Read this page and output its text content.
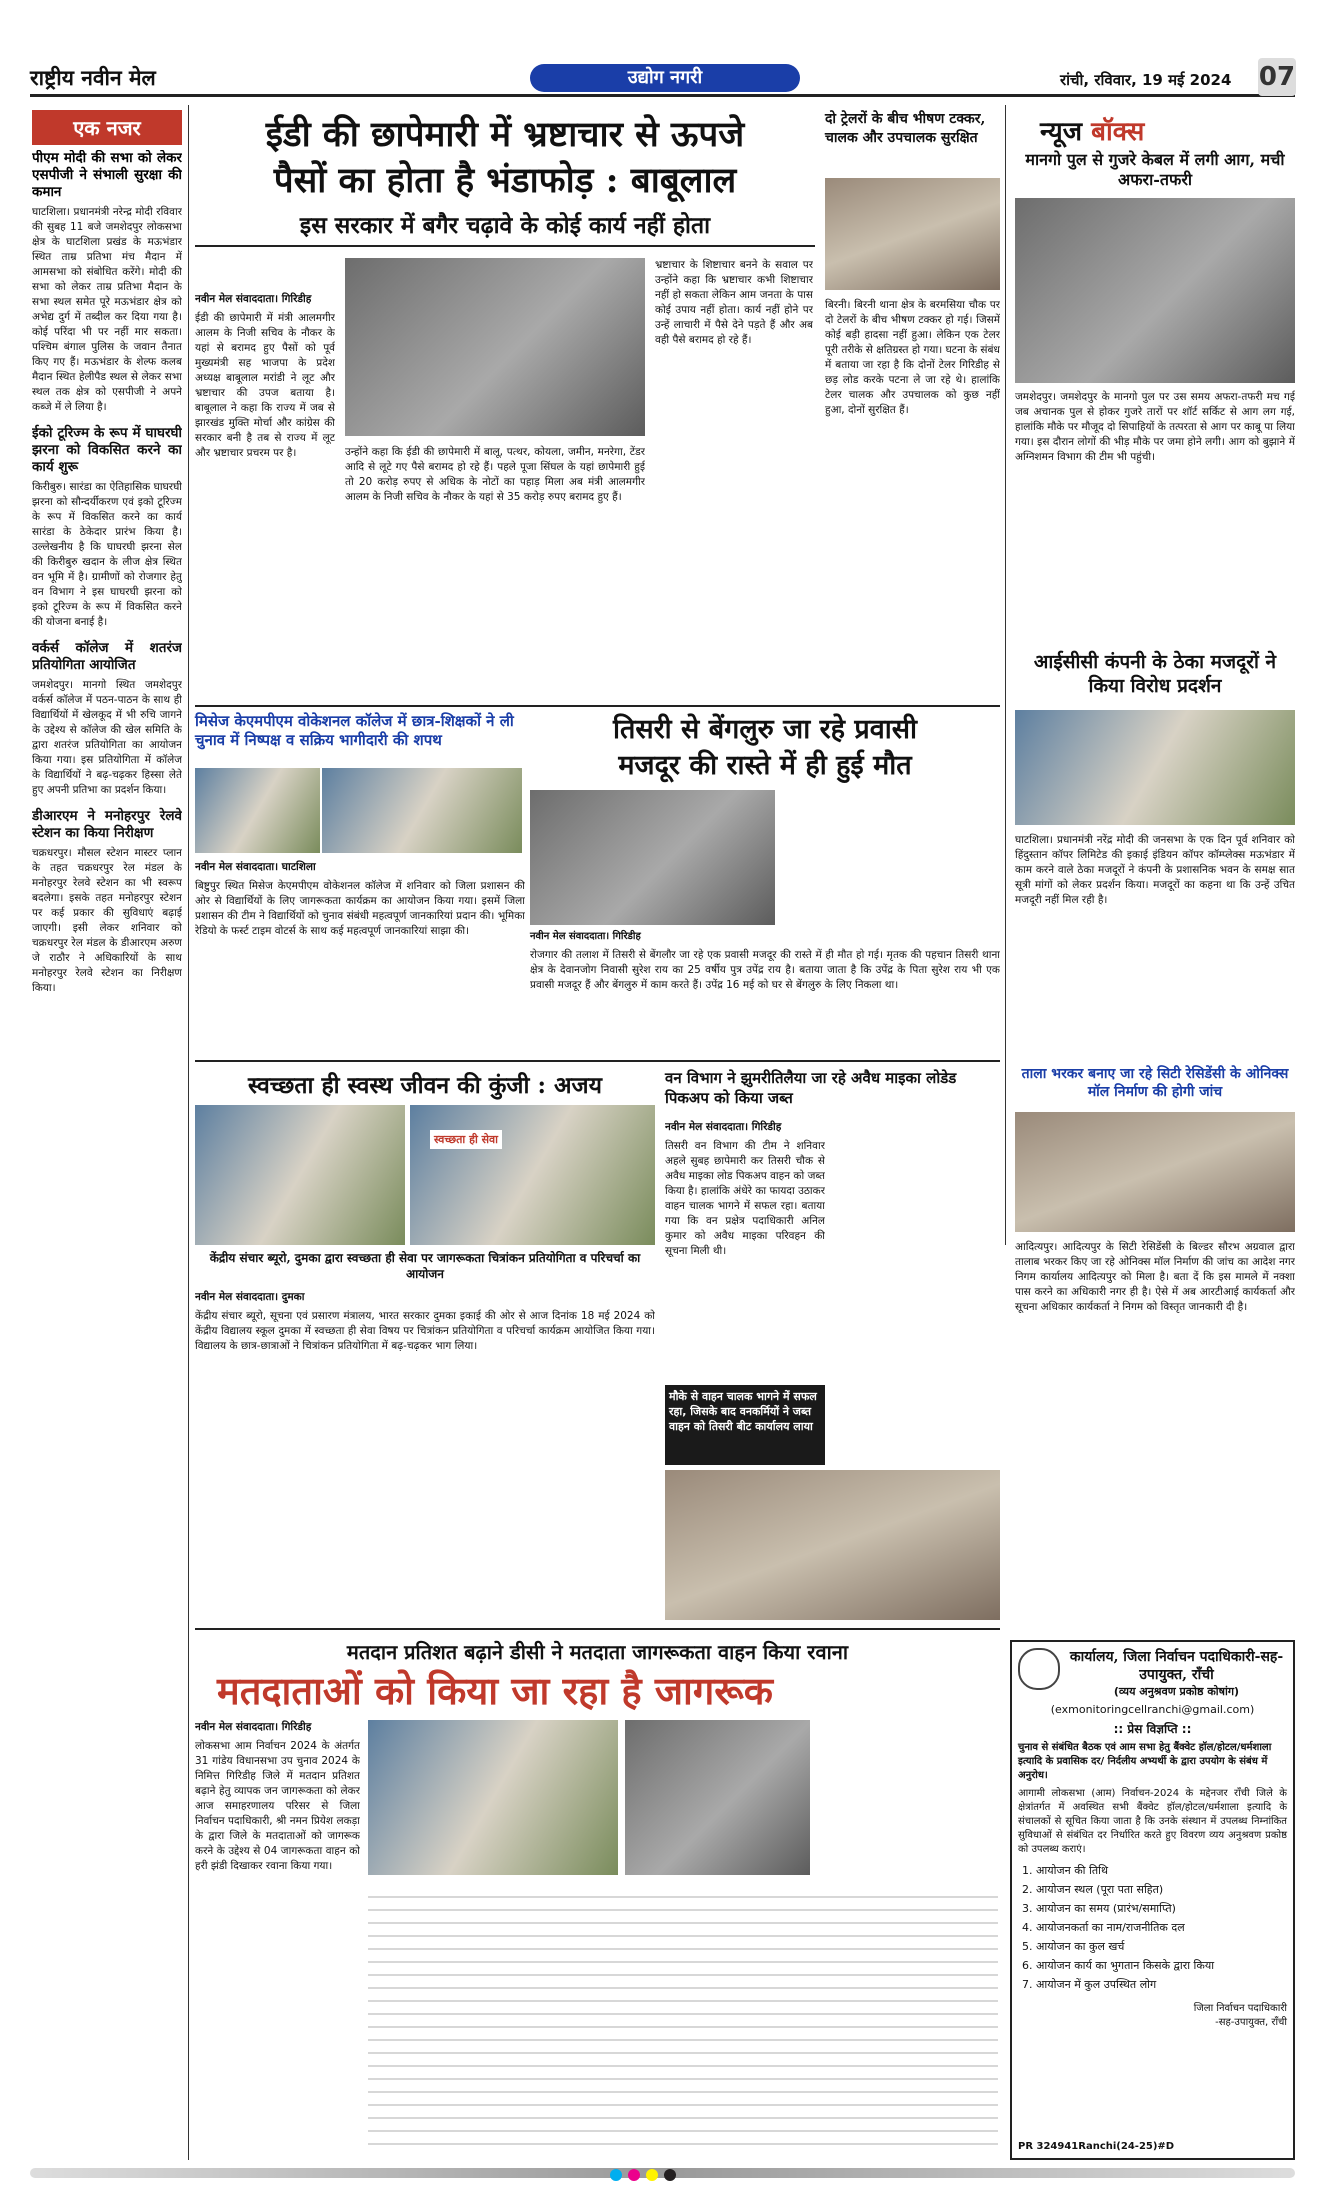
राष्ट्रीय नवीन मेल	उद्योग नगरी	रांची, रविवार, 19 मई 2024 07
एक नजर

पीएम मोदी की सभा को लेकर एसपीजी ने संभाली सुरक्षा की कमान

घाटशिला। प्रधानमंत्री नरेन्द्र मोदी रविवार की सुबह 11 बजे जमशेदपुर लोकसभा क्षेत्र के घाटशिला प्रखंड के मऊभंडार स्थित ताम्र प्रतिभा मंच मैदान में आमसभा को संबोधित करेंगे। मोदी की सभा को लेकर ताम्र प्रतिभा मैदान के सभा स्थल समेत पूरे मऊभंडार क्षेत्र को अभेद्य दुर्ग में तब्दील कर दिया गया है। कोई परिंदा भी पर नहीं मार सकता। पश्चिम बंगाल पुलिस के जवान तैनात किए गए हैं। मऊभंडार के शेल्फ कलब मैदान स्थित हेलीपैड स्थल से लेकर सभा स्थल तक क्षेत्र को एसपीजी ने अपने कब्जे में ले लिया है।

ईको टूरिज्म के रूप में घाघरघी झरना को विकसित करने का कार्य शुरू

किरीबुरु। सारंडा का ऐतिहासिक घाघरघी झरना को सौन्दर्यीकरण एवं इको टूरिज्म के रूप में विकसित करने का कार्य सारंडा के ठेकेदार प्रारंभ किया है। उल्लेखनीय है कि घाघरघी झरना सेल की किरीबुरु खदान के लीज क्षेत्र स्थित वन भूमि में है। ग्रामीणों को रोजगार हेतु वन विभाग ने इस घाघरघी झरना को इको टूरिज्म के रूप में विकसित करने की योजना बनाई है।

वर्कर्स कॉलेज में शतरंज प्रतियोगिता आयोजित

जमशेदपुर। मानगो स्थित जमशेदपुर वर्कर्स कॉलेज में पठन-पाठन के साथ ही विद्यार्थियों में खेलकूद में भी रुचि जागने के उद्देश्य से कॉलेज की खेल समिति के द्वारा शतरंज प्रतियोगिता का आयोजन किया गया। इस प्रतियोगिता में कॉलेज के विद्यार्थियों ने बढ़-चढ़कर हिस्सा लेते हुए अपनी प्रतिभा का प्रदर्शन किया।

डीआरएम ने मनोहरपुर रेलवे स्टेशन का किया निरीक्षण

चक्रधरपुर। मौसल स्टेशन मास्टर प्लान के तहत चक्रधरपुर रेल मंडल के मनोहरपुर रेलवे स्टेशन का भी स्वरूप बदलेगा। इसके तहत मनोहरपुर स्टेशन पर कई प्रकार की सुविधाएं बढ़ाई जाएगी। इसी लेकर शनिवार को चक्रधरपुर रेल मंडल के डीआरएम अरुण जे राठौर ने अधिकारियों के साथ मनोहरपुर रेलवे स्टेशन का निरीक्षण किया।

ईडी की छापेमारी में भ्रष्टाचार से ऊपजे
पैसों का होता है भंडाफोड़ : बाबूलाल
इस सरकार में बगैर चढ़ावे के कोई कार्य नहीं होता

नवीन मेल संवाददाता। गिरिडीह

ईडी की छापेमारी में मंत्री आलमगीर आलम के निजी सचिव के नौकर के यहां से बरामद हुए पैसों को पूर्व मुख्यमंत्री सह भाजपा के प्रदेश अध्यक्ष बाबूलाल मरांडी ने लूट और भ्रष्टाचार की उपज बताया है। बाबूलाल ने कहा कि राज्य में जब से झारखंड मुक्ति मोर्चा और कांग्रेस की सरकार बनी है तब से राज्य में लूट और भ्रष्टाचार प्रचरम पर है।	उन्होंने कहा कि ईडी की छापेमारी में बालू, पत्थर, कोयला, जमीन, मनरेगा, टेंडर आदि से लूटे गए पैसे बरामद हो रहे हैं। पहले पूजा सिंघल के यहां छापेमारी हुई तो 20 करोड़ रुपए से अधिक के नोटों का पहाड़ मिला अब मंत्री आलमगीर आलम के निजी सचिव के नौकर के यहां से 35 करोड़ रुपए बरामद हुए हैं।

भ्रष्टाचार के शिष्टाचार बनने के सवाल पर उन्होंने कहा कि भ्रष्टाचार कभी शिष्टाचार नहीं हो सकता लेकिन आम जनता के पास कोई उपाय नहीं होता। कार्य नहीं होने पर उन्हें लाचारी में पैसे देने पड़ते हैं और अब वही पैसे बरामद हो रहे हैं।

दो ट्रेलरों के बीच भीषण टक्कर, चालक और उपचालक सुरक्षित
बिरनी। बिरनी थाना क्षेत्र के बरमसिया चौक पर दो टेलरों के बीच भीषण टक्कर हो गई। जिसमें कोई बड़ी हादसा नहीं हुआ। लेकिन एक टेलर पूरी तरीके से क्षतिग्रस्त हो गया। घटना के संबंध में बताया जा रहा है कि दोनों टेलर गिरिडीह से छड़ लोड करके पटना ले जा रहे थे। हालांकि टेलर चालक और उपचालक को कुछ नहीं हुआ, दोनों सुरक्षित हैं।
न्यूज बॉक्स
मानगो पुल से गुजरे केबल में लगी आग, मची अफरा-तफरी
जमशेदपुर। जमशेदपुर के मानगो पुल पर उस समय अफरा-तफरी मच गई जब अचानक पुल से होकर गुजरे तारों पर शॉर्ट सर्किट से आग लग गई, हालांकि मौके पर मौजूद दो सिपाहियों के तत्परता से आग पर काबू पा लिया गया। इस दौरान लोगों की भीड़ मौके पर जमा होने लगी। आग को बुझाने में अग्निशमन विभाग की टीम भी पहुंची।
आईसीसी कंपनी के ठेका मजदूरों ने किया विरोध प्रदर्शन
घाटशिला। प्रधानमंत्री नरेंद्र मोदी की जनसभा के एक दिन पूर्व शनिवार को हिंदुस्तान कॉपर लिमिटेड की इकाई इंडियन कॉपर कॉम्प्लेक्स मऊभंडार में काम करने वाले ठेका मजदूरों ने कंपनी के प्रशासनिक भवन के समक्ष सात सूत्री मांगों को लेकर प्रदर्शन किया। मजदूरों का कहना था कि उन्हें उचित मजदूरी नहीं मिल रही है।
ताला भरकर बनाए जा रहे सिटी रेसिडेंसी के ओनिक्स मॉल निर्माण की होगी जांच
आदित्यपुर। आदित्यपुर के सिटी रेसिडेंसी के बिल्डर सौरभ अग्रवाल द्वारा तालाब भरकर किए जा रहे ओनिक्स मॉल निर्माण की जांच का आदेश नगर निगम कार्यालय आदित्यपुर को मिला है। बता दें कि इस मामले में नक्शा पास करने का अधिकारी नगर ही है। ऐसे में अब आरटीआई कार्यकर्ता और सूचना अधिकार कार्यकर्ता ने निगम को विस्तृत जानकारी दी है।
मिसेज केएमपीएम वोकेशनल कॉलेज में छात्र-शिक्षकों ने ली चुनाव में निष्पक्ष व सक्रिय भागीदारी की शपथ

नवीन मेल संवाददाता। घाटशिला

बिष्टुपुर स्थित मिसेज केएमपीएम वोकेशनल कॉलेज में शनिवार को जिला प्रशासन की ओर से विद्यार्थियों के लिए जागरूकता कार्यक्रम का आयोजन किया गया। इसमें जिला प्रशासन की टीम ने विद्यार्थियों को चुनाव संबंधी महत्वपूर्ण जानकारियां प्रदान की। भूमिका रेडियो के फर्स्ट टाइम वोटर्स के साथ कई महत्वपूर्ण जानकारियां साझा की।

तिसरी से बेंगलुरु जा रहे प्रवासी
मजदूर की रास्ते में ही हुई मौत
नवीन मेल संवाददाता। गिरिडीह
रोजगार की तलाश में तिसरी से बेंगलौर जा रहे एक प्रवासी मजदूर की रास्ते में ही मौत हो गई। मृतक की पहचान तिसरी थाना क्षेत्र के देवानजोग निवासी सुरेश राय का 25 वर्षीय पुत्र उपेंद्र राय है। बताया जाता है कि उपेंद्र के पिता सुरेश राय भी एक प्रवासी मजदूर हैं और बेंगलुरु में काम करते हैं। उपेंद्र 16 मई को घर से बेंगलुरु के लिए निकला था।
स्वच्छता ही स्वस्थ जीवन की कुंजी : अजय
स्वच्छता ही सेवा
केंद्रीय संचार ब्यूरो, दुमका द्वारा स्वच्छता ही सेवा पर जागरूकता चित्रांकन प्रतियोगिता व परिचर्चा का आयोजन

नवीन मेल संवाददाता। दुमका

केंद्रीय संचार ब्यूरो, सूचना एवं प्रसारण मंत्रालय, भारत सरकार दुमका इकाई की ओर से आज दिनांक 18 मई 2024 को केंद्रीय विद्यालय स्कूल दुमका में स्वच्छता ही सेवा विषय पर चित्रांकन प्रतियोगिता व परिचर्चा कार्यक्रम आयोजित किया गया। विद्यालय के छात्र-छात्राओं ने चित्रांकन प्रतियोगिता में बढ़-चढ़कर भाग लिया।

वन विभाग ने झुमरीतिलैया जा रहे अवैध माइका लोडेड पिकअप को किया जब्त

नवीन मेल संवाददाता। गिरिडीह

तिसरी वन विभाग की टीम ने शनिवार अहले सुबह छापेमारी कर तिसरी चौक से अवैध माइका लोड पिकअप वाहन को जब्त किया है। हालांकि अंधेरे का फायदा उठाकर वाहन चालक भागने में सफल रहा। बताया गया कि वन प्रक्षेत्र पदाधिकारी अनिल कुमार को अवैध माइका परिवहन की सूचना मिली थी।

मौके से वाहन चालक भागने में सफल रहा, जिसके बाद वनकर्मियों ने जब्त वाहन को तिसरी बीट कार्यालय लाया
मतदान प्रतिशत बढ़ाने डीसी ने मतदाता जागरूकता वाहन किया रवाना
मतदाताओं को किया जा रहा है जागरूक

नवीन मेल संवाददाता। गिरिडीह

लोकसभा आम निर्वाचन 2024 के अंतर्गत 31 गांडेय विधानसभा उप चुनाव 2024 के निमित्त गिरिडीह जिले में मतदान प्रतिशत बढ़ाने हेतु व्यापक जन जागरूकता को लेकर आज समाहरणालय परिसर से जिला निर्वाचन पदाधिकारी, श्री नमन प्रियेश लकड़ा के द्वारा जिले के मतदाताओं को जागरूक करने के उद्देश्य से 04 जागरूकता वाहन को हरी झंडी दिखाकर रवाना किया गया।

कार्यालय, जिला निर्वाचन पदाधिकारी-सह-उपायुक्त, राँची
(व्यय अनुश्रवण प्रकोष्ठ कोषांग)
(exmonitoringcellranchi@gmail.com)
:: प्रेस विज्ञप्ति ::
चुनाव से संबंधित बैठक एवं आम सभा हेतु बैंक्वेट हॉल/होटल/धर्मशाला इत्यादि के प्रवासिक दर/ निर्दलीय अभ्यर्थी के द्वारा उपयोग के संबंध में अनुरोध।
आगामी लोकसभा (आम) निर्वाचन-2024 के मद्देनजर राँची जिले के क्षेत्रांतर्गत में अवस्थित सभी बैंक्वेट हॉल/होटल/धर्मशाला इत्यादि के संचालकों से सूचित किया जाता है कि उनके संस्थान में उपलब्ध निम्नांकित सुविधाओं से संबंधित दर निर्धारित करते हुए विवरण व्यय अनुश्रवण प्रकोष्ठ को उपलब्ध कराएं।
1. आयोजन की तिथि
2. आयोजन स्थल (पूरा पता सहित)
3. आयोजन का समय (प्रारंभ/समाप्ति)
4. आयोजनकर्ता का नाम/राजनीतिक दल
5. आयोजन का कुल खर्च
6. आयोजन कार्य का भुगतान किसके द्वारा किया
7. आयोजन में कुल उपस्थित लोग
जिला निर्वाचन पदाधिकारी
-सह-उपायुक्त, राँची
PR 324941Ranchi(24-25)#D
